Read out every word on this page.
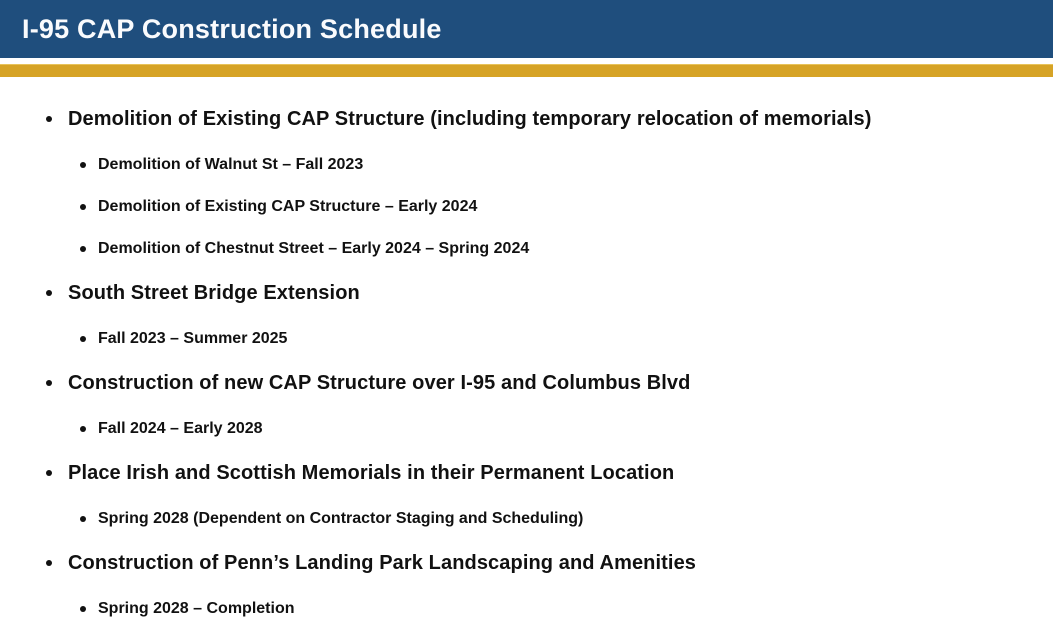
I-95 CAP Construction Schedule
Demolition of Existing CAP Structure (including temporary relocation of memorials)
Demolition of Walnut St – Fall 2023
Demolition of Existing CAP Structure – Early 2024
Demolition of Chestnut Street – Early 2024 – Spring 2024
South Street Bridge Extension
Fall 2023 – Summer 2025
Construction of new CAP Structure over I-95 and Columbus Blvd
Fall 2024 – Early 2028
Place Irish and Scottish Memorials in their Permanent Location
Spring 2028 (Dependent on Contractor Staging and Scheduling)
Construction of Penn’s Landing Park Landscaping and Amenities
Spring 2028 – Completion
